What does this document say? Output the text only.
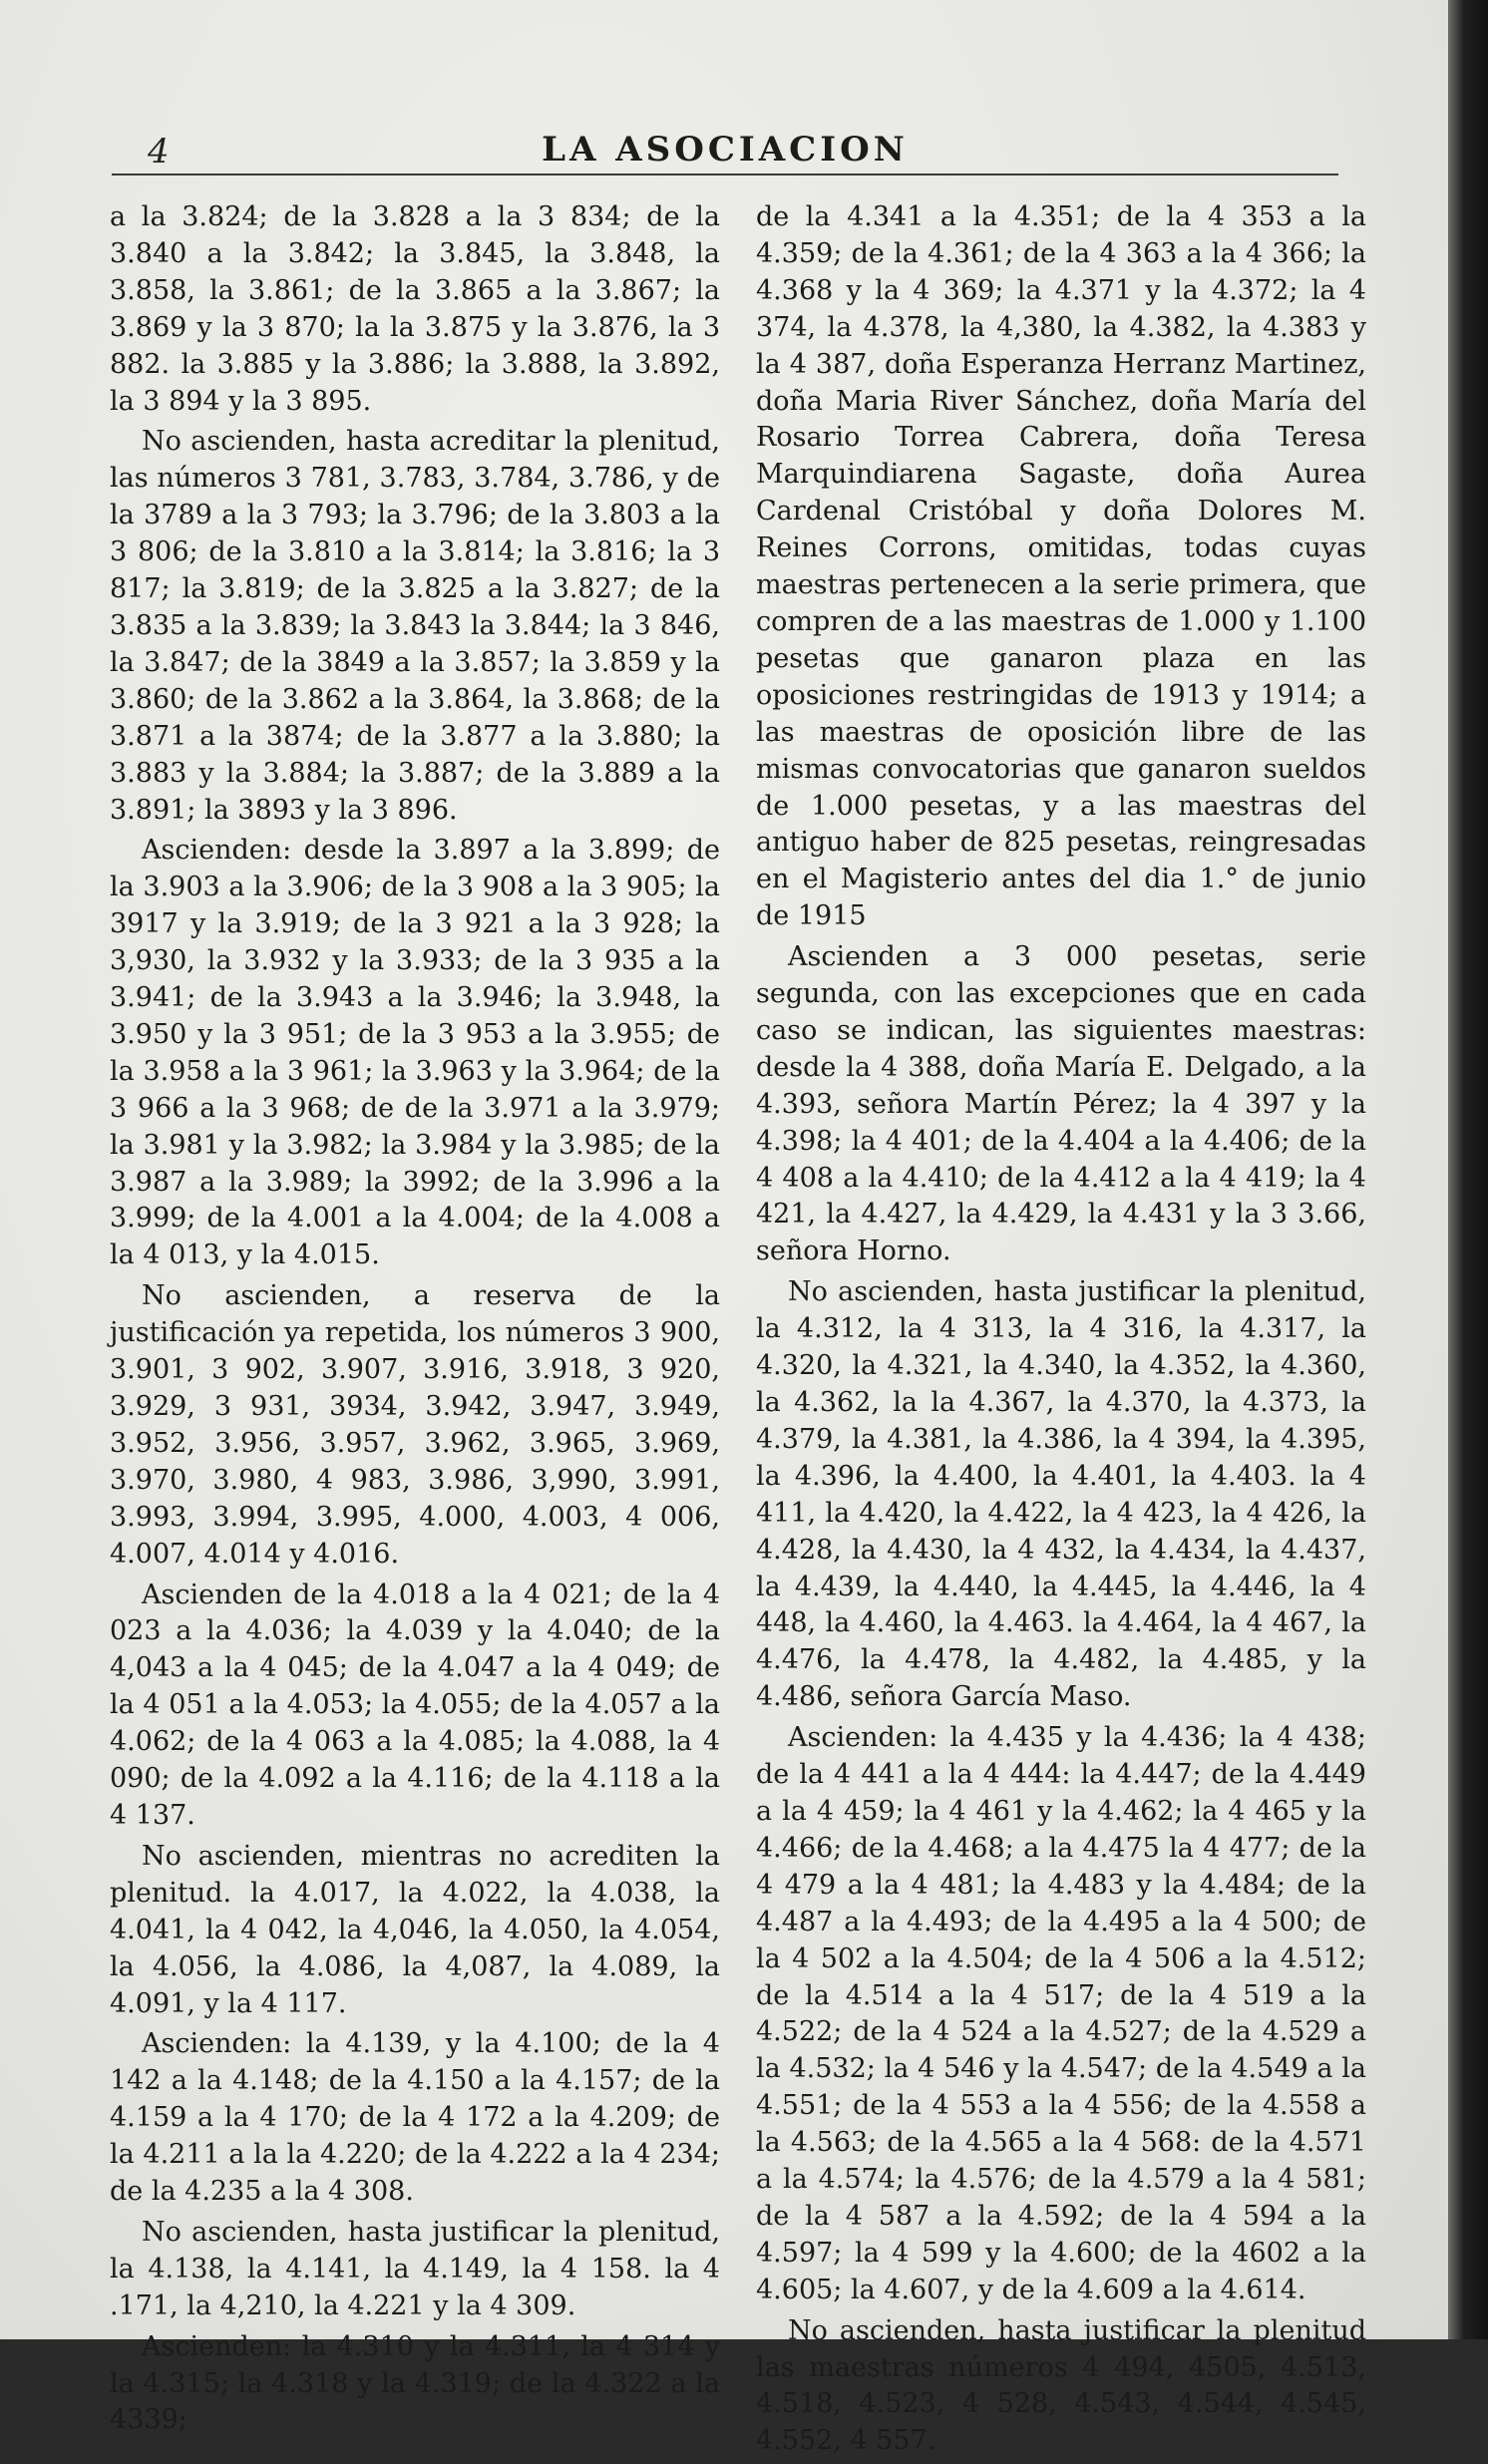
4	LA ASOCIACION

a la 3.824; de la 3.828 a la 3 834; de la 3.840 a la 3.842; la 3.845, la 3.848, la 3.858, la 3.861; de la 3.865 a la 3.867; la 3.869 y la 3 870; la la 3.875 y la 3.876, la 3 882. la 3.885 y la 3.886; la 3.888, la 3.892, la 3 894 y la 3 895.

No ascienden, hasta acreditar la plenitud, las números 3 781, 3.783, 3.784, 3.786, y de la 3789 a la 3 793; la 3.796; de la 3.803 a la 3 806; de la 3.810 a la 3.814; la 3.816; la 3 817; la 3.819; de la 3.825 a la 3.827; de la 3.835 a la 3.839; la 3.843 la 3.844; la 3 846, la 3.847; de la 3849 a la 3.857; la 3.859 y la 3.860; de la 3.862 a la 3.864, la 3.868; de la 3.871 a la 3874; de la 3.877 a la 3.880; la 3.883 y la 3.884; la 3.887; de la 3.889 a la 3.891; la 3893 y la 3 896.

Ascienden: desde la 3.897 a la 3.899; de la 3.903 a la 3.906; de la 3 908 a la 3 905; la 3917 y la 3.919; de la 3 921 a la 3 928; la 3,930, la 3.932 y la 3.933; de la 3 935 a la 3.941; de la 3.943 a la 3.946; la 3.948, la 3.950 y la 3 951; de la 3 953 a la 3.955; de la 3.958 a la 3 961; la 3.963 y la 3.964; de la 3 966 a la 3 968; de de la 3.971 a la 3.979; la 3.981 y la 3.982; la 3.984 y la 3.985; de la 3.987 a la 3.989; la 3992; de la 3.996 a la 3.999; de la 4.001 a la 4.004; de la 4.008 a la 4 013, y la 4.015.

No ascienden, a reserva de la justificación ya repetida, los números 3 900, 3.901, 3 902, 3.907, 3.916, 3.918, 3 920, 3.929, 3 931, 3934, 3.942, 3.947, 3.949, 3.952, 3.956, 3.957, 3.962, 3.965, 3.969, 3.970, 3.980, 4 983, 3.986, 3,990, 3.991, 3.993, 3.994, 3.995, 4.000, 4.003, 4 006, 4.007, 4.014 y 4.016.

Ascienden de la 4.018 a la 4 021; de la 4 023 a la 4.036; la 4.039 y la 4.040; de la 4,043 a la 4 045; de la 4.047 a la 4 049; de la 4 051 a la 4.053; la 4.055; de la 4.057 a la 4.062; de la 4 063 a la 4.085; la 4.088, la 4 090; de la 4.092 a la 4.116; de la 4.118 a la 4 137.

No ascienden, mientras no acrediten la plenitud. la 4.017, la 4.022, la 4.038, la 4.041, la 4 042, la 4,046, la 4.050, la 4.054, la 4.056, la 4.086, la 4,087, la 4.089, la 4.091, y la 4 117.

Ascienden: la 4.139, y la 4.100; de la 4 142 a la 4.148; de la 4.150 a la 4.157; de la 4.159 a la 4 170; de la 4 172 a la 4.209; de la 4.211 a la la 4.220; de la 4.222 a la 4 234; de la 4.235 a la 4 308.

No ascienden, hasta justificar la plenitud, la 4.138, la 4.141, la 4.149, la 4 158. la 4 .171, la 4,210, la 4.221 y la 4 309.

Ascienden: la 4.310 y la 4.311, la 4 314 y la 4.315; la 4.318 y la 4.319; de la 4.322 a la 4339;

de la 4.341 a la 4.351; de la 4 353 a la 4.359; de la 4.361; de la 4 363 a la 4 366; la 4.368 y la 4 369; la 4.371 y la 4.372; la 4 374, la 4.378, la 4,380, la 4.382, la 4.383 y la 4 387, doña Esperanza Herranz Martinez, doña Maria River Sánchez, doña María del Rosario Torrea Cabrera, doña Teresa Marquindiarena Sagaste, doña Aurea Cardenal Cristóbal y doña Dolores M. Reines Corrons, omitidas, todas cuyas maestras pertenecen a la serie primera, que compren de a las maestras de 1.000 y 1.100 pesetas que ganaron plaza en las oposiciones restringidas de 1913 y 1914; a las maestras de oposición libre de las mismas convocatorias que ganaron sueldos de 1.000 pesetas, y a las maestras del antiguo haber de 825 pesetas, reingresadas en el Magisterio antes del dia 1.° de junio de 1915

Ascienden a 3 000 pesetas, serie segunda, con las excepciones que en cada caso se indican, las siguientes maestras: desde la 4 388, doña María E. Delgado, a la 4.393, señora Martín Pérez; la 4 397 y la 4.398; la 4 401; de la 4.404 a la 4.406; de la 4 408 a la 4.410; de la 4.412 a la 4 419; la 4 421, la 4.427, la 4.429, la 4.431 y la 3 3.66, señora Horno.

No ascienden, hasta justificar la plenitud, la 4.312, la 4 313, la 4 316, la 4.317, la 4.320, la 4.321, la 4.340, la 4.352, la 4.360, la 4.362, la la 4.367, la 4.370, la 4.373, la 4.379, la 4.381, la 4.386, la 4 394, la 4.395, la 4.396, la 4.400, la 4.401, la 4.403. la 4 411, la 4.420, la 4.422, la 4 423, la 4 426, la 4.428, la 4.430, la 4 432, la 4.434, la 4.437, la 4.439, la 4.440, la 4.445, la 4.446, la 4 448, la 4.460, la 4.463. la 4.464, la 4 467, la 4.476, la 4.478, la 4.482, la 4.485, y la 4.486, señora García Maso.

Ascienden: la 4.435 y la 4.436; la 4 438; de la 4 441 a la 4 444: la 4.447; de la 4.449 a la 4 459; la 4 461 y la 4.462; la 4 465 y la 4.466; de la 4.468; a la 4.475 la 4 477; de la 4 479 a la 4 481; la 4.483 y la 4.484; de la 4.487 a la 4.493; de la 4.495 a la 4 500; de la 4 502 a la 4.504; de la 4 506 a la 4.512; de la 4.514 a la 4 517; de la 4 519 a la 4.522; de la 4 524 a la 4.527; de la 4.529 a la 4.532; la 4 546 y la 4.547; de la 4.549 a la 4.551; de la 4 553 a la 4 556; de la 4.558 a la 4.563; de la 4.565 a la 4 568: de la 4.571 a la 4.574; la 4.576; de la 4.579 a la 4 581; de la 4 587 a la 4.592; de la 4 594 a la 4.597; la 4 599 y la 4.600; de la 4602 a la 4.605; la 4.607, y de la 4.609 a la 4.614.

No ascienden, hasta justificar la plenitud las maestras números 4 494, 4505, 4.513, 4.518, 4.523, 4 528, 4.543, 4.544, 4.545, 4.552, 4 557.
